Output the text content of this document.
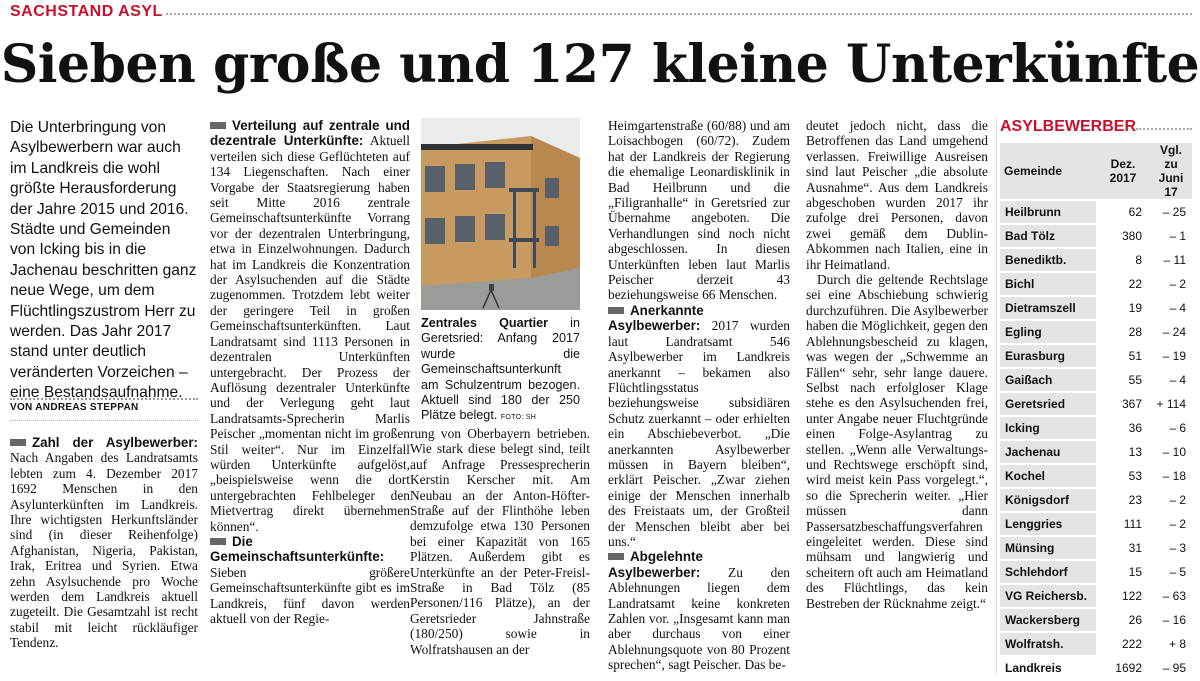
SACHSTAND ASYL
Sieben große und 127 kleine Unterkünfte
Die Unterbringung von Asylbewerbern war auch im Landkreis die wohl größte Herausforderung der Jahre 2015 und 2016. Städte und Gemeinden von Icking bis in die Jachenau beschritten ganz neue Wege, um dem Flüchtlingszustrom Herr zu werden. Das Jahr 2017 stand unter deutlich veränderten Vorzeichen – eine Bestandsaufnahme.
VON ANDREAS STEPPAN

Zahl der Asylbewerber: Nach Angaben des Landratsamts lebten zum 4. Dezember 2017 1692 Menschen in den Asylunterkünften im Landkreis. Ihre wichtigsten Herkunftsländer sind (in dieser Reihenfolge) Afghanistan, Nigeria, Pakistan, Irak, Eritrea und Syrien. Etwa zehn Asylsuchende pro Woche werden dem Landkreis aktuell zugeteilt. Die Gesamtzahl ist recht stabil mit leicht rückläufiger Tendenz.

Verteilung auf zentrale und dezentrale Unterkünfte: Aktuell verteilen sich diese Geflüchteten auf 134 Liegenschaften. Nach einer Vorgabe der Staatsregierung haben seit Mitte 2016 zentrale Gemeinschaftsunterkünfte Vorrang vor der dezentralen Unterbringung, etwa in Einzelwohnungen. Dadurch hat im Landkreis die Konzentration der Asylsuchenden auf die Städte zugenommen. Trotzdem lebt weiter der geringere Teil in großen Gemeinschaftsunterkünften. Laut Landratsamt sind 1113 Personen in dezentralen Unterkünften untergebracht. Der Prozess der Auflösung dezentraler Unterkünfte und der Verlegung geht laut Landratsamts-Sprecherin Marlis Peischer „momentan nicht im großen Stil weiter“. Nur im Einzelfall würden Unterkünfte aufgelöst, „beispielsweise wenn die dort untergebrachten Fehlbeleger den Mietvertrag direkt übernehmen können“.

Die Gemeinschaftsunterkünfte: Sieben größere Gemeinschaftsunterkünfte gibt es im Landkreis, fünf davon werden aktuell von der Regie-

Zentrales Quartier in Geretsried: Anfang 2017 wurde die Gemeinschaftsunterkunft am Schulzentrum bezogen. Aktuell sind 180 der 250 Plätze belegt. FOTO: SH

rung von Oberbayern betrieben. Wie stark diese belegt sind, teilt auf Anfrage Pressesprecherin Kerstin Kerscher mit. Am Neubau an der Anton-Höfter-Straße auf der Flinthöhe leben demzufolge etwa 130 Personen bei einer Kapazität von 165 Plätzen. Außerdem gibt es Unterkünfte an der Peter-Freisl-Straße in Bad Tölz (85 Personen/116 Plätze), an der Geretsrieder Jahnstraße (180/250) sowie in Wolfratshausen an der

Heimgartenstraße (60/88) und am Loisachbogen (60/72). Zudem hat der Landkreis der Regierung die ehemalige Leonardisklinik in Bad Heilbrunn und die „Filigranhalle“ in Geretsried zur Übernahme angeboten. Die Verhandlungen sind noch nicht abgeschlossen. In diesen Unterkünften leben laut Marlis Peischer derzeit 43 beziehungsweise 66 Menschen.

Anerkannte Asylbewerber: 2017 wurden laut Landratsamt 546 Asylbewerber im Landkreis anerkannt – bekamen also Flüchtlingsstatus beziehungsweise subsidiären Schutz zuerkannt – oder erhielten ein Abschiebeverbot. „Die anerkannten Asylbewerber müssen in Bayern bleiben“, erklärt Peischer. „Zwar ziehen einige der Menschen innerhalb des Freistaats um, der Großteil der Menschen bleibt aber bei uns.“

Abgelehnte Asylbewerber: Zu den Ablehnungen liegen dem Landratsamt keine konkreten Zahlen vor. „Insgesamt kann man aber durchaus von einer Ablehnungsquote von 80 Prozent sprechen“, sagt Peischer. Das be-

deutet jedoch nicht, dass die Betroffenen das Land umgehend verlassen. Freiwillige Ausreisen sind laut Peischer „die absolute Ausnahme“. Aus dem Landkreis abgeschoben wurden 2017 ihr zufolge drei Personen, davon zwei gemäß dem Dublin-Abkommen nach Italien, eine in ihr Heimatland.

Durch die geltende Rechtslage sei eine Abschiebung schwierig durchzuführen. Die Asylbewerber haben die Möglichkeit, gegen den Ablehnungsbescheid zu klagen, was wegen der „Schwemme an Fällen“ sehr, sehr lange dauere. Selbst nach erfolgloser Klage stehe es den Asylsuchenden frei, unter Angabe neuer Fluchtgründe einen Folge-Asylantrag zu stellen. „Wenn alle Verwaltungs- und Rechtswege erschöpft sind, wird meist kein Pass vorgelegt.“, so die Sprecherin weiter. „Hier müssen dann Passersatzbeschaffungsverfahren eingeleitet werden. Diese sind mühsam und langwierig und scheitern oft auch am Heimatland des Flüchtlings, das kein Bestreben der Rücknahme zeigt.“

ASYLBEWERBER
Gemeinde	Dez. 2017	Vgl. zu Juni 17
Heilbrunn	62	– 25
Bad Tölz	380	– 1
Benediktb.	8	– 11
Bichl	22	– 2
Dietramszell	19	– 4
Egling	28	– 24
Eurasburg	51	– 19
Gaißach	55	– 4
Geretsried	367	+ 114
Icking	36	– 6
Jachenau	13	– 10
Kochel	53	– 18
Königsdorf	23	– 2
Lenggries	111	– 2
Münsing	31	– 3
Schlehdorf	15	– 5
VG Reichersb.	122	– 63
Wackersberg	26	– 16
Wolfratsh.	222	+ 8
Landkreis	1692	– 95
